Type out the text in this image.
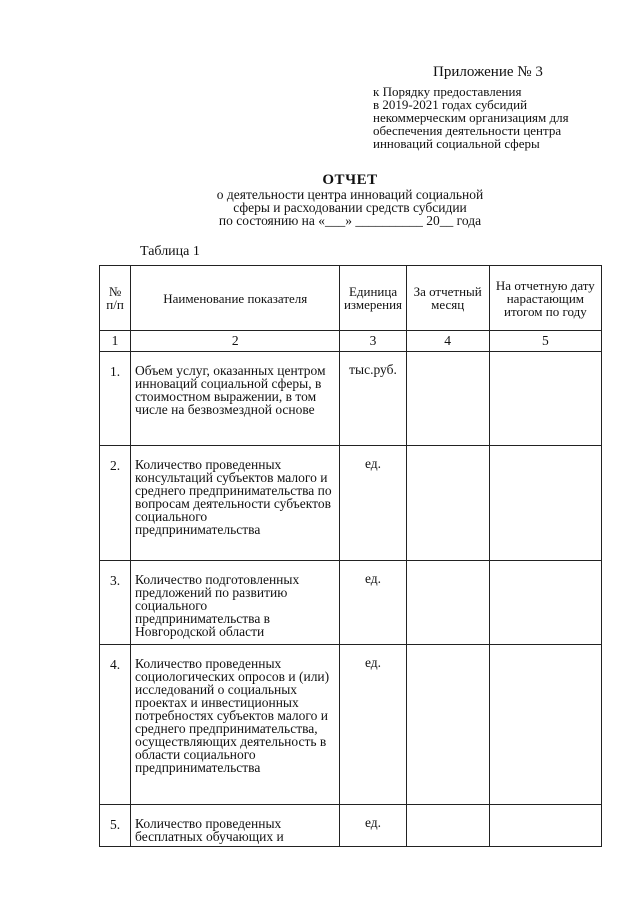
Приложение № 3
к Порядку предоставления
в 2019-2021 годах субсидий
некоммерческим организациям для
обеспечения деятельности центра
инноваций социальной сферы
ОТЧЕТ
о деятельности центра инноваций социальной
сферы и расходовании средств субсидии
по состоянию на «___» __________ 20__ года
Таблица 1
№ п/п	Наименование показателя	Единица измерения	За отчетный месяц	На отчетную дату нарастающим итогом по году
1	2	3	4	5
1.	Объем услуг, оказанных центром инноваций социальной сферы, в стоимостном выражении, в том числе на безвозмездной основе	тыс.руб.		
2.	Количество проведенных консультаций субъектов малого и среднего предпринимательства по вопросам деятельности субъектов социального предпринимательства	ед.		
3.	Количество подготовленных предложений по развитию социального предпринимательства в Новгородской области	ед.		
4.	Количество проведенных социологических опросов и (или) исследований о социальных проектах и инвестиционных потребностях субъектов малого и среднего предпринимательства, осуществляющих деятельность в области социального предпринимательства	ед.		
5.	Количество проведенных бесплатных обучающих и	ед.		
